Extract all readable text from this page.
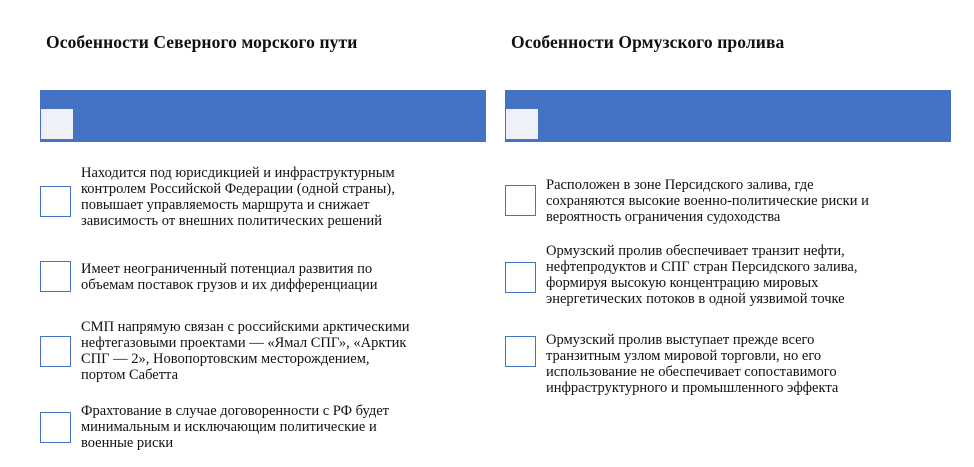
Особенности Северного морского пути
Находится под юрисдикцией и инфраструктурным
контролем Российской Федерации (одной страны),
повышает управляемость маршрута и снижает
зависимость от внешних политических решений
Имеет неограниченный потенциал развития по
объемам поставок грузов и их дифференциации
СМП напрямую связан с российскими арктическими
нефтегазовыми проектами — «Ямал СПГ», «Арктик
СПГ — 2», Новопортовским месторождением,
портом Сабетта
Фрахтование в случае договоренности с РФ будет
минимальным и исключающим политические и
военные риски
Особенности Ормузского пролива
Расположен в зоне Персидского залива, где
сохраняются высокие военно-политические риски и
вероятность ограничения судоходства
Ормузский пролив обеспечивает транзит нефти,
нефтепродуктов и СПГ стран Персидского залива,
формируя высокую концентрацию мировых
энергетических потоков в одной уязвимой точке
Ормузский пролив выступает прежде всего
транзитным узлом мировой торговли, но его
использование не обеспечивает сопоставимого
инфраструктурного и промышленного эффекта
